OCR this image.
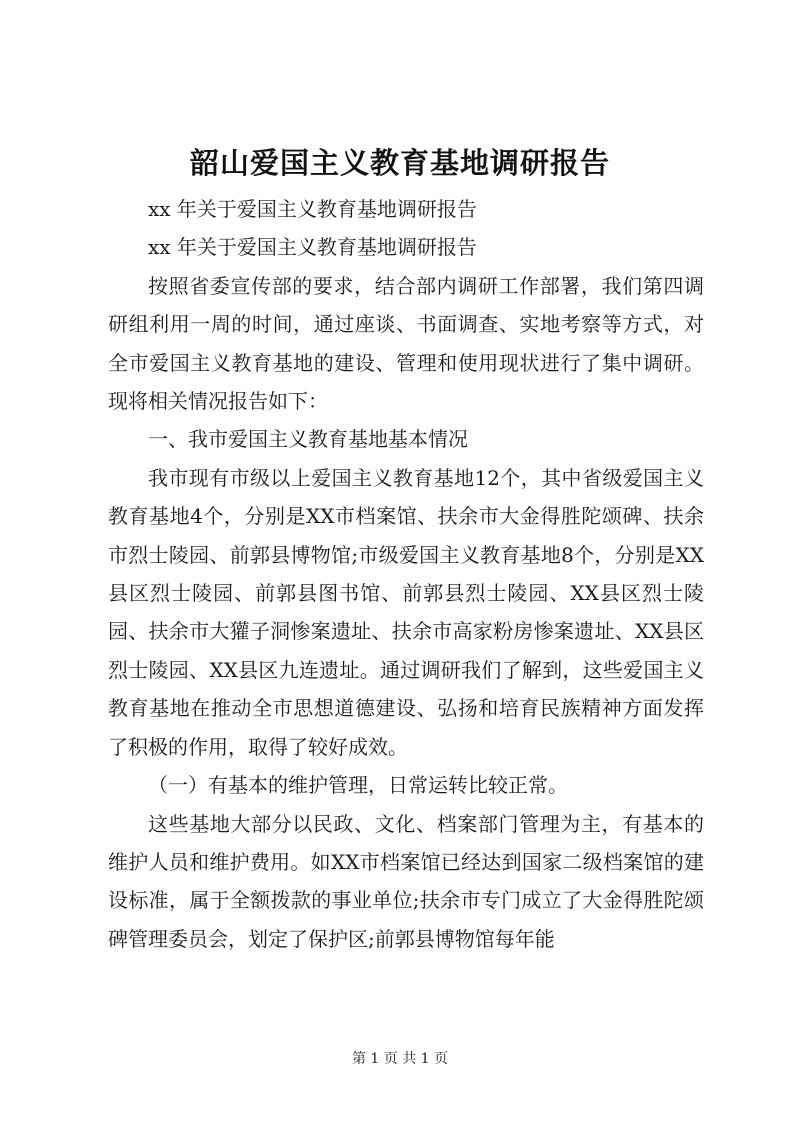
韶山爱国主义教育基地调研报告

xx 年关于爱国主义教育基地调研报告

xx 年关于爱国主义教育基地调研报告

按照省委宣传部的要求，结合部内调研工作部署，我们第四调研组利用一周的时间，通过座谈、书面调查、实地考察等方式，对全市爱国主义教育基地的建设、管理和使用现状进行了集中调研。现将相关情况报告如下：

一、我市爱国主义教育基地基本情况

我市现有市级以上爱国主义教育基地12个，其中省级爱国主义教育基地4个，分别是XX市档案馆、扶余市大金得胜陀颂碑、扶余市烈士陵园、前郭县博物馆;市级爱国主义教育基地8个，分别是XX县区烈士陵园、前郭县图书馆、前郭县烈士陵园、XX县区烈士陵园、扶余市大獾子洞惨案遗址、扶余市高家粉房惨案遗址、XX县区烈士陵园、XX县区九连遗址。通过调研我们了解到，这些爱国主义教育基地在推动全市思想道德建设、弘扬和培育民族精神方面发挥了积极的作用，取得了较好成效。

（一）有基本的维护管理，日常运转比较正常。

这些基地大部分以民政、文化、档案部门管理为主，有基本的维护人员和维护费用。如XX市档案馆已经达到国家二级档案馆的建设标准，属于全额拨款的事业单位;扶余市专门成立了大金得胜陀颂碑管理委员会，划定了保护区;前郭县博物馆每年能

第 1 页 共 1 页
